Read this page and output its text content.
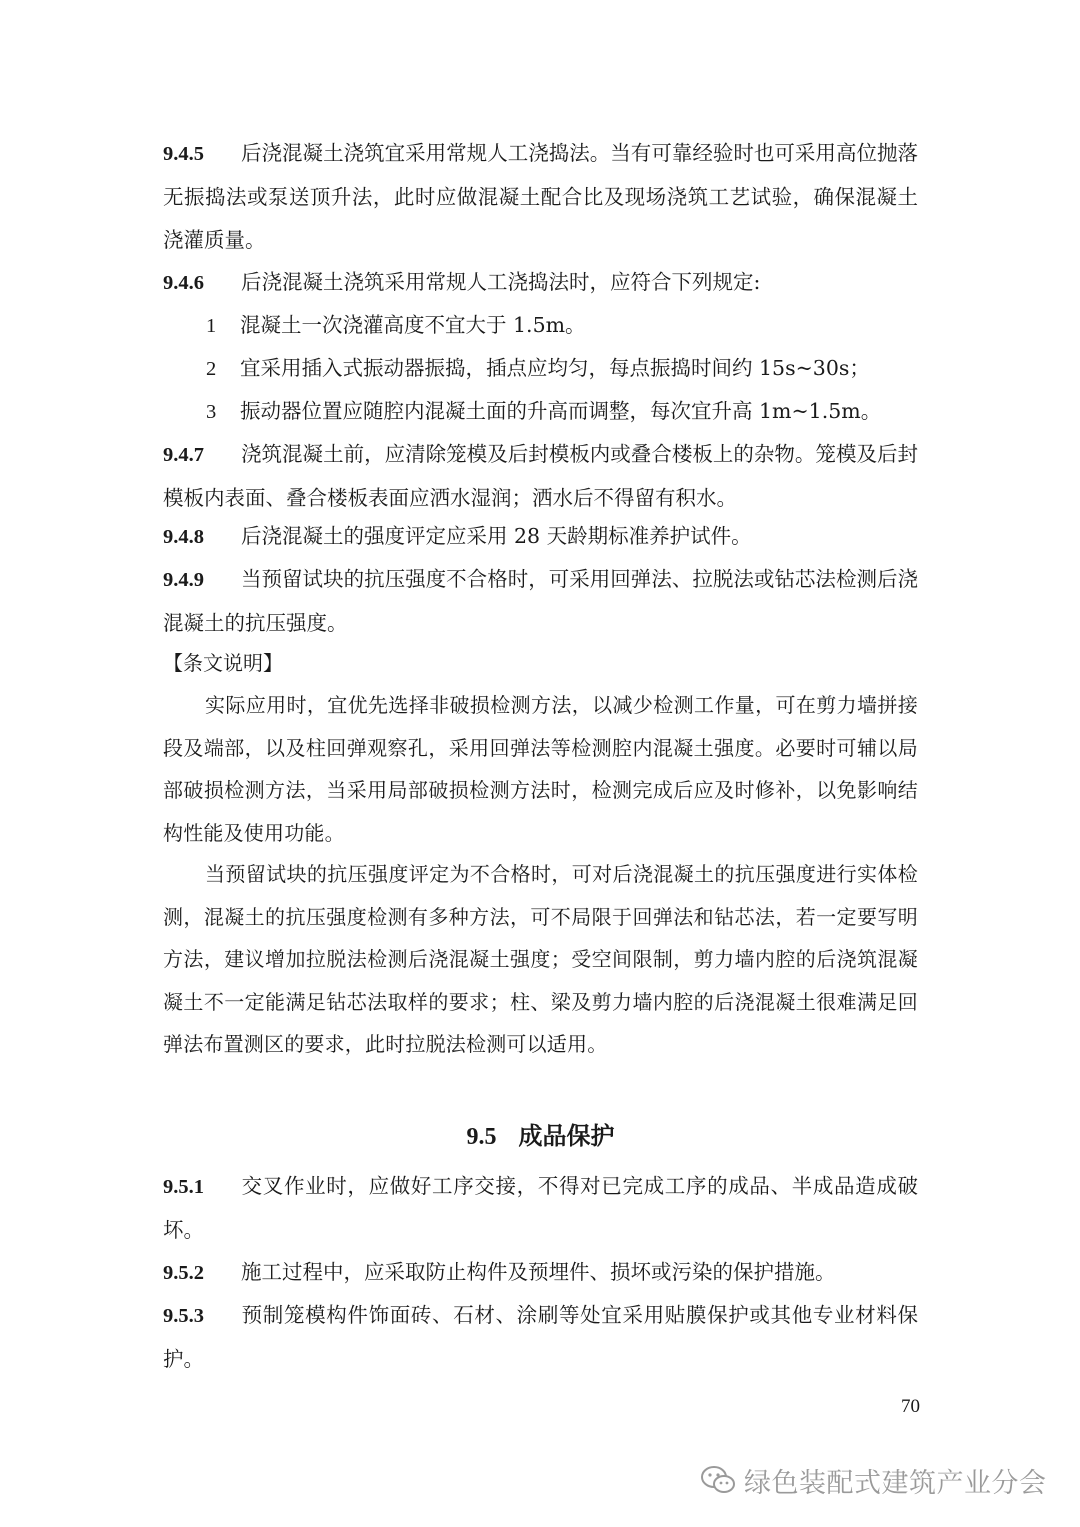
9.4.5 后浇混凝土浇筑宜采用常规人工浇捣法。当有可靠经验时也可采用高位抛落无振捣法或泵送顶升法，此时应做混凝土配合比及现场浇筑工艺试验，确保混凝土浇灌质量。
9.4.6 后浇混凝土浇筑采用常规人工浇捣法时，应符合下列规定:
1 混凝土一次浇灌高度不宜大于 1.5m。
2 宜采用插入式振动器振捣，插点应均匀，每点振捣时间约 15s~30s；
3 振动器位置应随腔内混凝土面的升高而调整，每次宜升高 1m~1.5m。
9.4.7 浇筑混凝土前，应清除笼模及后封模板内或叠合楼板上的杂物。笼模及后封模板内表面、叠合楼板表面应洒水湿润；洒水后不得留有积水。
9.4.8 后浇混凝土的强度评定应采用 28 天龄期标准养护试件。
9.4.9 当预留试块的抗压强度不合格时，可采用回弹法、拉脱法或钻芯法检测后浇混凝土的抗压强度。
【条文说明】
实际应用时，宜优先选择非破损检测方法，以减少检测工作量，可在剪力墙拼接段及端部，以及柱回弹观察孔，采用回弹法等检测腔内混凝土强度。必要时可辅以局部破损检测方法，当采用局部破损检测方法时，检测完成后应及时修补，以免影响结构性能及使用功能。
当预留试块的抗压强度评定为不合格时，可对后浇混凝土的抗压强度进行实体检测，混凝土的抗压强度检测有多种方法，可不局限于回弹法和钻芯法，若一定要写明方法，建议增加拉脱法检测后浇混凝土强度；受空间限制，剪力墙内腔的后浇筑混凝凝土不一定能满足钻芯法取样的要求；柱、梁及剪力墙内腔的后浇混凝土很难满足回弹法布置测区的要求，此时拉脱法检测可以适用。
9.5 成品保护
9.5.1 交叉作业时，应做好工序交接，不得对已完成工序的成品、半成品造成破坏。
9.5.2 施工过程中，应采取防止构件及预埋件、损坏或污染的保护措施。
9.5.3 预制笼模构件饰面砖、石材、涂刷等处宜采用贴膜保护或其他专业材料保护。
70
绿色装配式建筑产业分会
